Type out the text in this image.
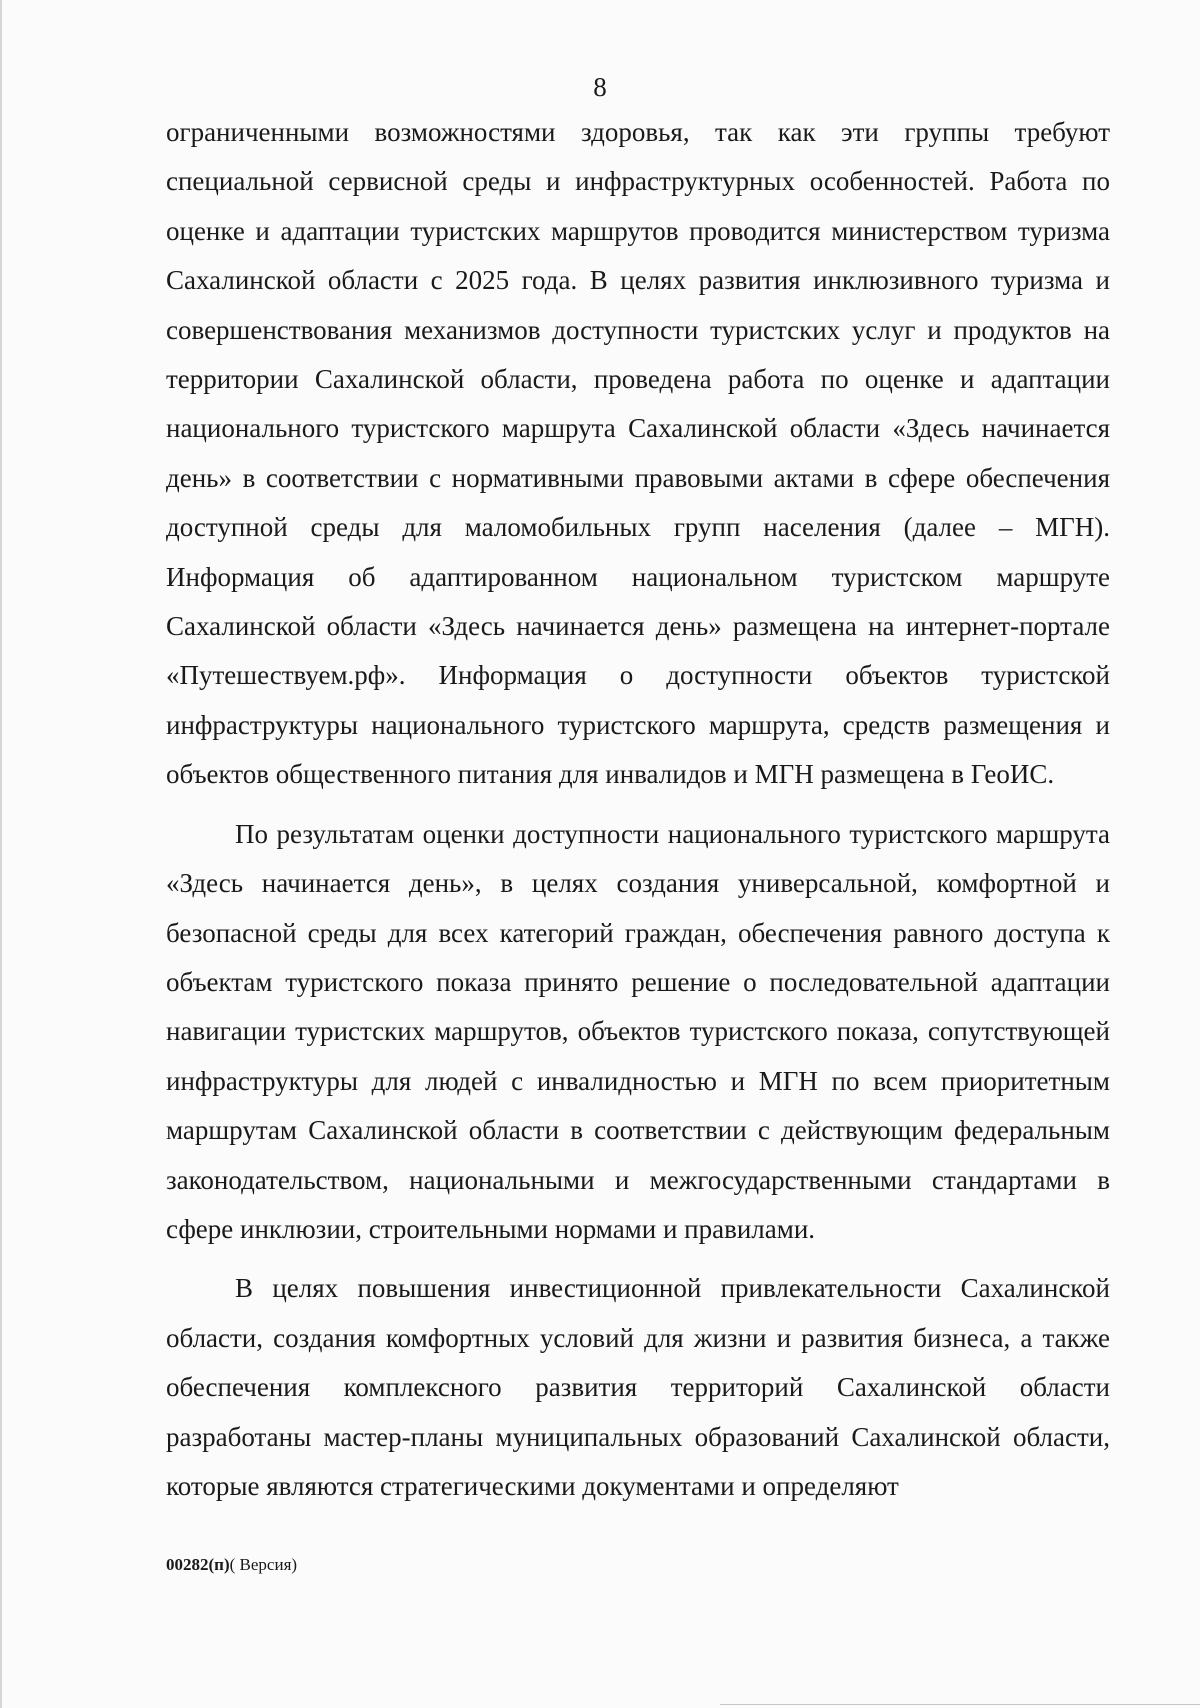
8

ограниченными возможностями здоровья, так как эти группы требуют специальной сервисной среды и инфраструктурных особенностей. Работа по оценке и адаптации туристских маршрутов проводится министерством туризма Сахалинской области с 2025 года. В целях развития инклюзивного туризма и совершенствования механизмов доступности туристских услуг и продуктов на территории Сахалинской области, проведена работа по оценке и адаптации национального туристского маршрута Сахалинской области «Здесь начинается день» в соответствии с нормативными правовыми актами в сфере обеспечения доступной среды для маломобильных групп населения (далее – МГН). Информация об адаптированном национальном туристском маршруте Сахалинской области «Здесь начинается день» размещена на интернет-портале «Путешествуем.рф». Информация о доступности объектов туристской инфраструктуры национального туристского маршрута, средств размещения и объектов общественного питания для инвалидов и МГН размещена в ГеоИС.

По результатам оценки доступности национального туристского маршрута «Здесь начинается день», в целях создания универсальной, комфортной и безопасной среды для всех категорий граждан, обеспечения равного доступа к объектам туристского показа принято решение о последовательной адаптации навигации туристских маршрутов, объектов туристского показа, сопутствующей инфраструктуры для людей с инвалидностью и МГН по всем приоритетным маршрутам Сахалинской области в соответствии с действующим федеральным законодательством, национальными и межгосударственными стандартами в сфере инклюзии, строительными нормами и правилами.

В целях повышения инвестиционной привлекательности Сахалинской области, создания комфортных условий для жизни и развития бизнеса, а также обеспечения комплексного развития территорий Сахалинской области разработаны мастер-планы муниципальных образований Сахалинской области, которые являются стратегическими документами и определяют

00282(п)( Версия)
